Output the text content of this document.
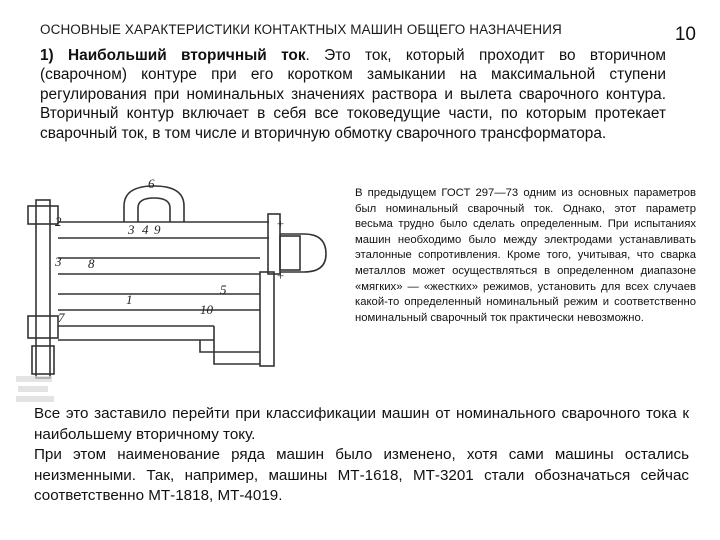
ОСНОВНЫЕ ХАРАКТЕРИСТИКИ КОНТАКТНЫХ МАШИН ОБЩЕГО НАЗНАЧЕНИЯ	10
1) Наибольший вторичный ток. Это ток, который проходит во вторичном (сварочном) контуре при его коротком замыкании на максимальной ступени регулирования при номинальных значениях раствора и вылета сварочного контура. Вторичный контур включает в себя все токоведущие части, по которым протекает сварочный ток, в том числе и вторичную обмотку сварочного трансформатора.
6
2
3 4 9
8
3
1
5
10
7
+
+
В предыдущем ГОСТ 297—73 одним из основных параметров был номинальный сварочный ток. Однако, этот параметр весьма трудно было сделать определенным. При испытаниях машин необходимо было между электродами устанавливать эталонные сопротивления. Кроме того, учитывая, что сварка металлов может осуществляться в определенном диапазоне «мягких» — «жестких» режимов, установить для всех случаев какой-то определенный номинальный режим и соответственно номинальный сварочный ток практически невозможно.
Все это заставило перейти при классификации машин от номинального сварочного тока к наибольшему вторичному току.
При этом наименование ряда машин было изменено, хотя сами машины остались неизменными. Так, например, машины МТ-1618, МТ-3201 стали обозначаться сейчас соответственно МТ-1818, МТ-4019.
